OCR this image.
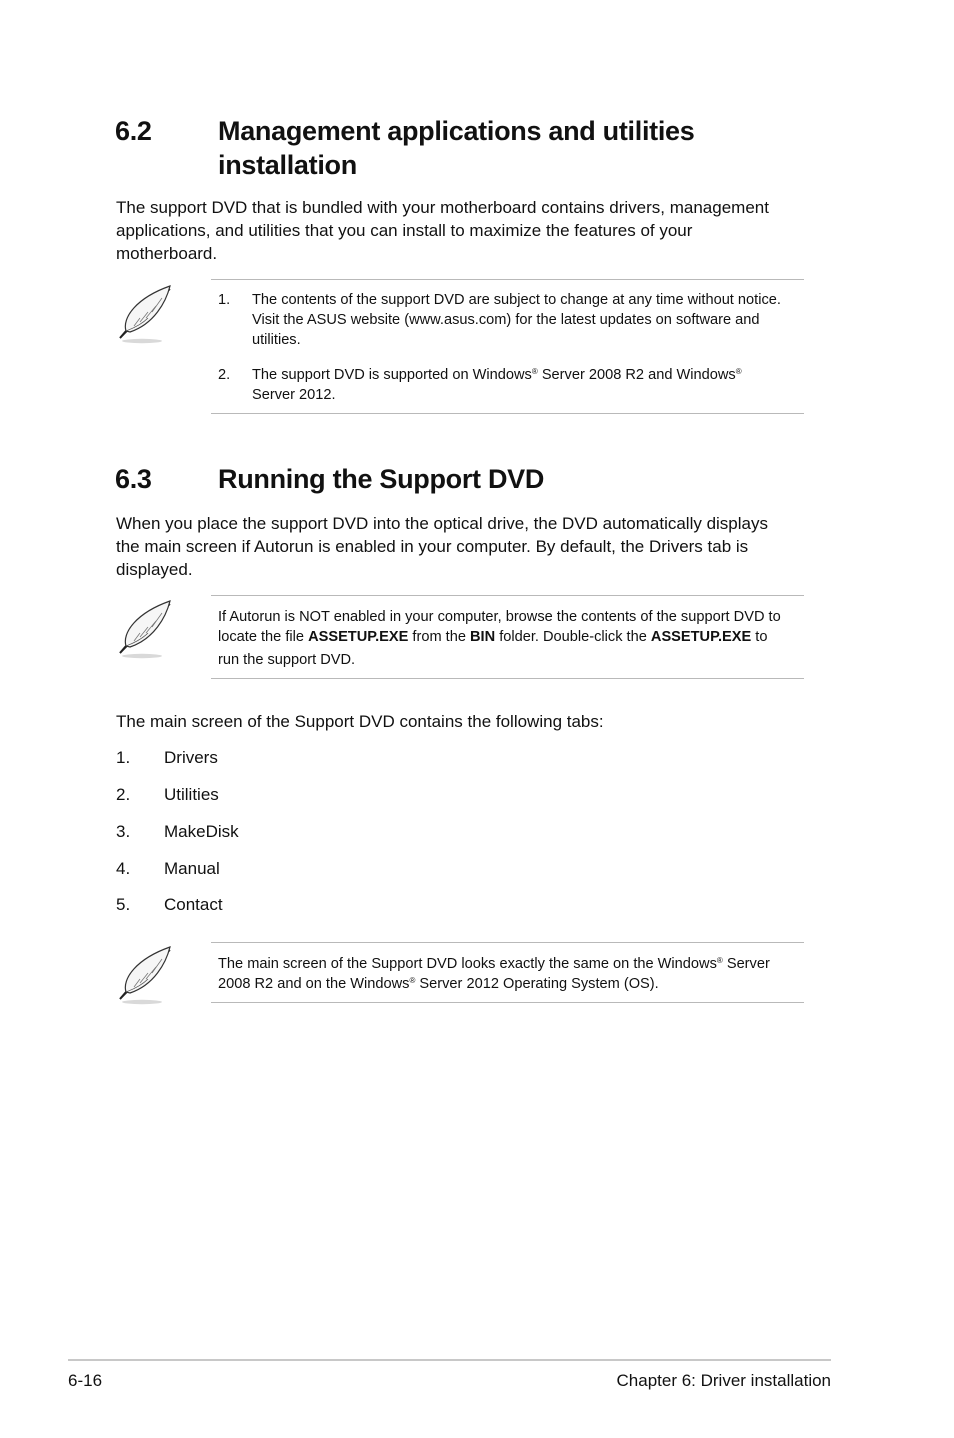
6.2 Management applications and utilities
installation
The support DVD that is bundled with your motherboard contains drivers, management
applications, and utilities that you can install to maximize the features of your
motherboard.
1. The contents of the support DVD are subject to change at any time without notice.
Visit the ASUS website (www.asus.com) for the latest updates on software and
utilities.
2. The support DVD is supported on Windows® Server 2008 R2 and Windows®
Server 2012.
6.3 Running the Support DVD
When you place the support DVD into the optical drive, the DVD automatically displays
the main screen if Autorun is enabled in your computer. By default, the Drivers tab is
displayed.
If Autorun is NOT enabled in your computer, browse the contents of the support DVD to
locate the file ASSETUP.EXE from the BIN folder. Double-click the ASSETUP.EXE to
run the support DVD.
The main screen of the Support DVD contains the following tabs:
1. Drivers
2. Utilities
3. MakeDisk
4. Manual
5. Contact
The main screen of the Support DVD looks exactly the same on the Windows® Server
2008 R2 and on the Windows® Server 2012 Operating System (OS).
6-16	Chapter 6: Driver installation
